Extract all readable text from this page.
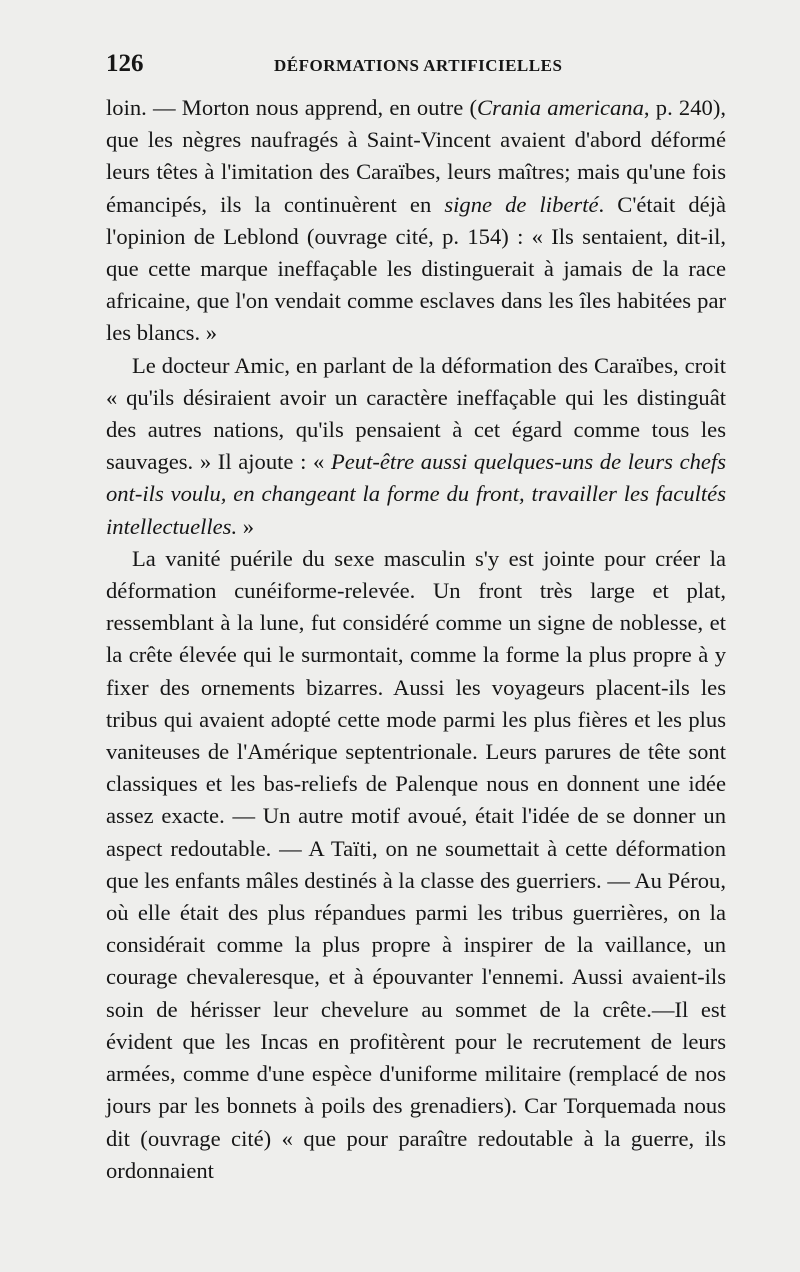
126	DÉFORMATIONS ARTIFICIELLES

loin. — Morton nous apprend, en outre (Crania americana, p. 240), que les nègres naufragés à Saint-Vincent avaient d'abord déformé leurs têtes à l'imitation des Caraïbes, leurs maîtres; mais qu'une fois émancipés, ils la continuèrent en signe de liberté. C'était déjà l'opinion de Leblond (ouvrage cité, p. 154) : « Ils sentaient, dit-il, que cette marque ineffaçable les distinguerait à jamais de la race africaine, que l'on vendait comme esclaves dans les îles habitées par les blancs. »

Le docteur Amic, en parlant de la déformation des Caraïbes, croit « qu'ils désiraient avoir un caractère ineffaçable qui les distinguât des autres nations, qu'ils pensaient à cet égard comme tous les sauvages. » Il ajoute : « Peut-être aussi quelques-uns de leurs chefs ont-ils voulu, en changeant la forme du front, travailler les facultés intellectuelles. »

La vanité puérile du sexe masculin s'y est jointe pour créer la déformation cunéiforme-relevée. Un front très large et plat, ressemblant à la lune, fut considéré comme un signe de noblesse, et la crête élevée qui le surmontait, comme la forme la plus propre à y fixer des ornements bizarres. Aussi les voyageurs placent-ils les tribus qui avaient adopté cette mode parmi les plus fières et les plus vaniteuses de l'Amérique septentrionale. Leurs parures de tête sont classiques et les bas-reliefs de Palenque nous en donnent une idée assez exacte. — Un autre motif avoué, était l'idée de se donner un aspect redoutable. — A Taïti, on ne soumettait à cette déformation que les enfants mâles destinés à la classe des guerriers. — Au Pérou, où elle était des plus répandues parmi les tribus guerrières, on la considérait comme la plus propre à inspirer de la vaillance, un courage chevaleresque, et à épouvanter l'ennemi. Aussi avaient-ils soin de hérisser leur chevelure au sommet de la crête.—Il est évident que les Incas en profitèrent pour le recrutement de leurs armées, comme d'une espèce d'uniforme militaire (remplacé de nos jours par les bonnets à poils des grenadiers). Car Torquemada nous dit (ouvrage cité) « que pour paraître redoutable à la guerre, ils ordonnaient
